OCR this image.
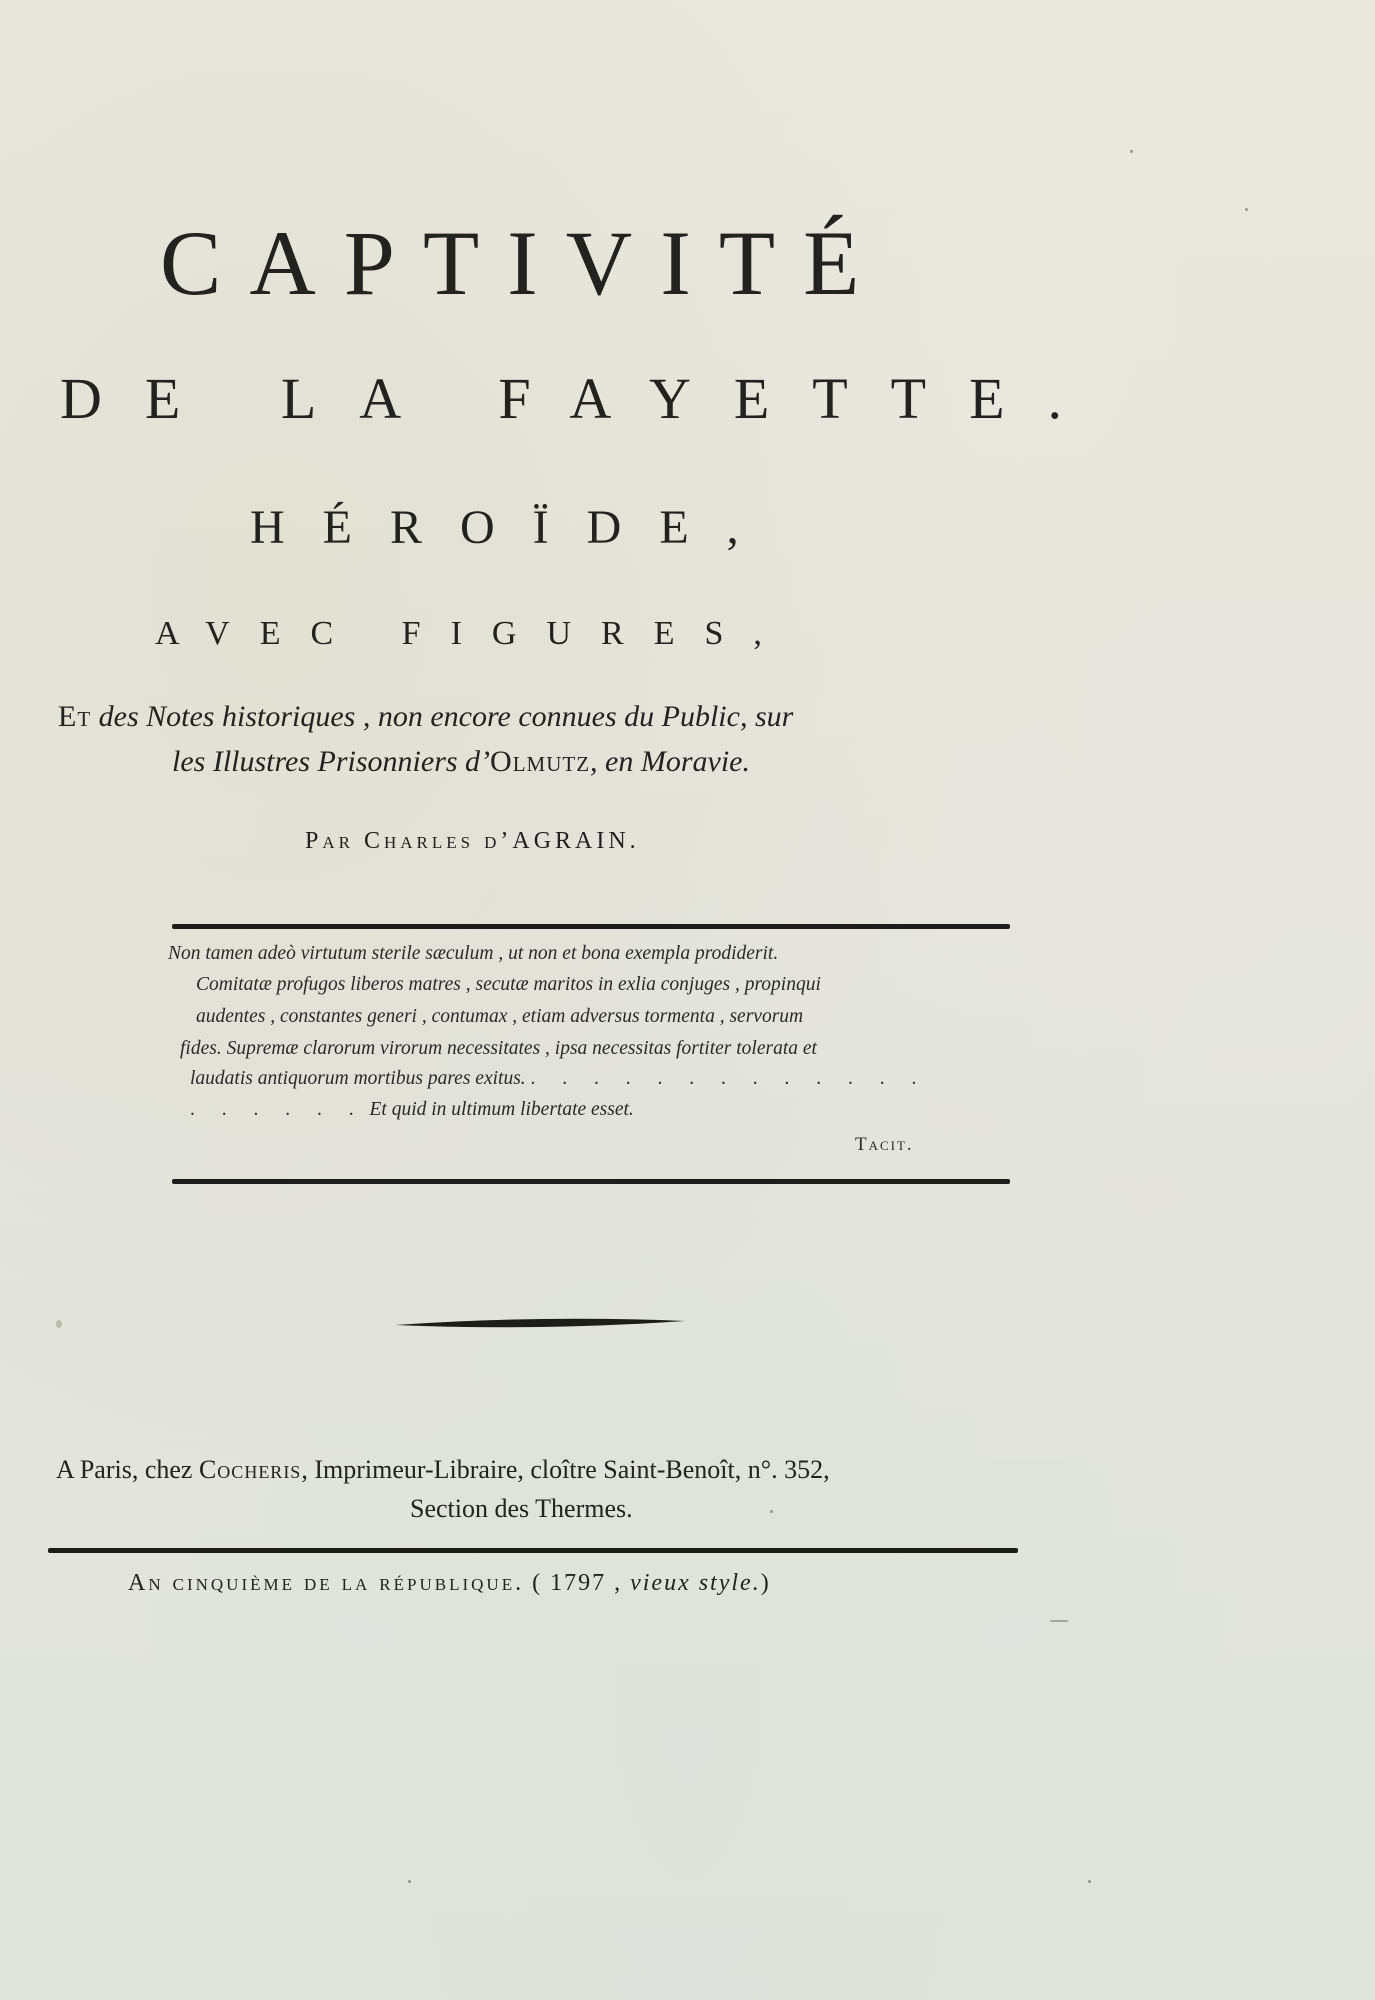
CAPTIVITÉ
DE LA FAYETTE.
HÉROÏDE,
AVEC FIGURES,
Et des Notes historiques , non encore connues du Public, sur
les Illustres Prisonniers d’Olmutz, en Moravie.
Par Charles d’AGRAIN.
Non tamen adeò virtutum sterile sæculum , ut non et bona exempla prodiderit.
Comitatæ profugos liberos matres , secutæ maritos in exlia conjuges , propinqui
audentes , constantes generi , contumax , etiam adversus tormenta , servorum
fides. Supremæ clarorum virorum necessitates , ipsa necessitas fortiter tolerata et
laudatis antiquorum mortibus pares exitus. . . . . . . . . . . . . .
. . . . . . Et quid in ultimum libertate esset.
Tacit.
A Paris, chez Cocheris, Imprimeur-Libraire, cloître Saint-Benoît, n°. 352,
Section des Thermes.
An cinquième de la république. ( 1797 , vieux style.)
